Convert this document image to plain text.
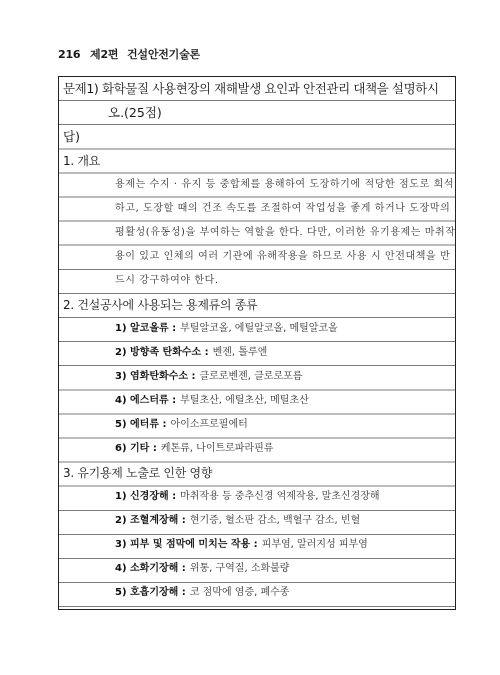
216 제2편 건설안전기술론
문제1) 화학물질 사용현장의 재해발생 요인과 안전관리 대책을 설명하시
오.(25점)
답)
1. 개요
용제는 수지 · 유지 등 중합체를 용해하여 도장하기에 적당한 점도로 희석
하고, 도장할 때의 건조 속도를 조절하여 작업성을 좋게 하거나 도장막의
평활성(유동성)을 부여하는 역할을 한다. 다만, 이러한 유기용제는 마취작
용이 있고 인체의 여러 기관에 유해작용을 하므로 사용 시 안전대책을 반
드시 강구하여야 한다.
2. 건설공사에 사용되는 용제류의 종류
1) 알코올류 : 부틸알코올, 에틸알코올, 메틸알코올
2) 방향족 탄화수소 : 벤젠, 톨루엔
3) 염화탄화수소 : 클로로벤젠, 클로로포름
4) 에스터류 : 부틸초산, 에틸초산, 메틸초산
5) 에터류 : 아이소프로필에터
6) 기타 : 케톤류, 나이트로파라핀류
3. 유기용제 노출로 인한 영향
1) 신경장해 : 마취작용 등 중추신경 억제작용, 말초신경장해
2) 조혈계장해 : 현기증, 혈소판 감소, 백혈구 감소, 빈혈
3) 피부 및 점막에 미치는 작용 : 피부염, 알러지성 피부염
4) 소화기장해 : 위통, 구역질, 소화불량
5) 호흡기장해 : 코 점막에 염증, 폐수종
